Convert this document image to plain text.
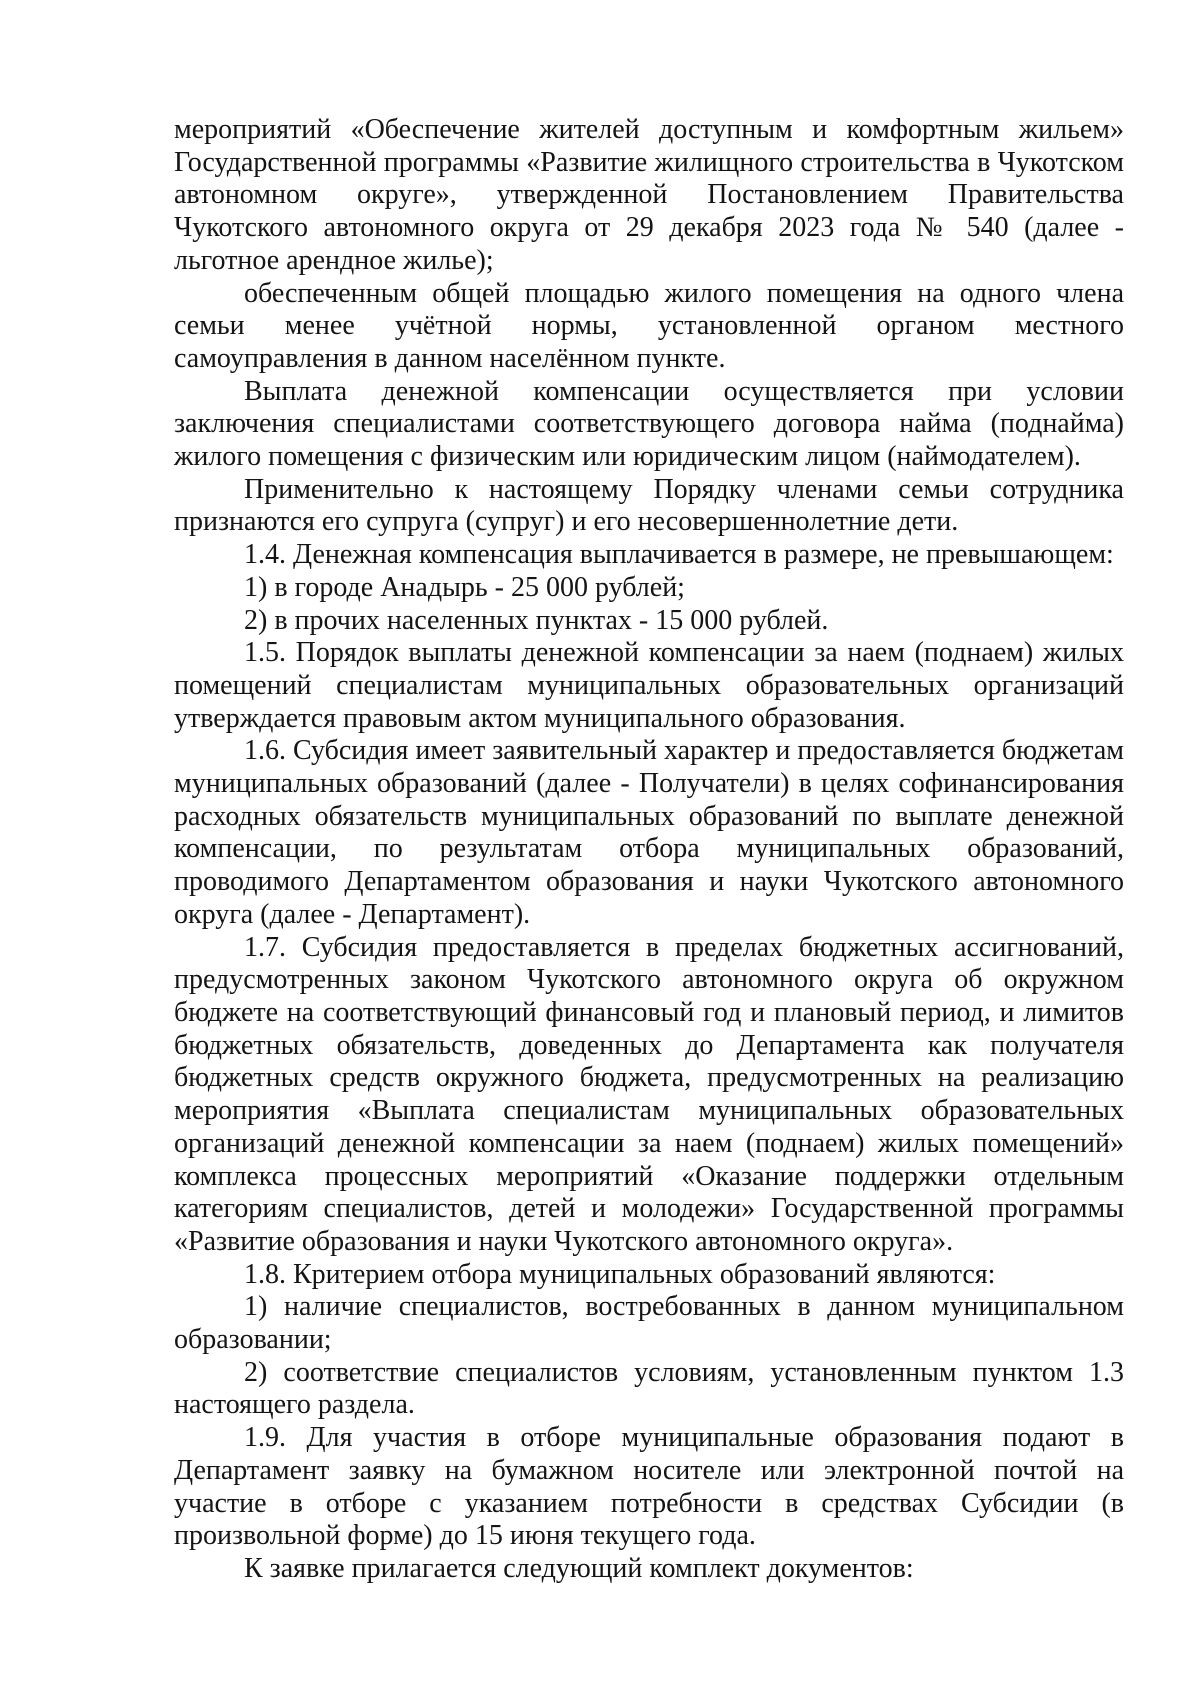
мероприятий «Обеспечение жителей доступным и комфортным жильем» Государственной программы «Развитие жилищного строительства в Чукотском автономном округе», утвержденной Постановлением Правительства Чукотского автономного округа от 29 декабря 2023 года № 540 (далее - льготное арендное жилье);

обеспеченным общей площадью жилого помещения на одного члена семьи менее учётной нормы, установленной органом местного самоуправления в данном населённом пункте.

Выплата денежной компенсации осуществляется при условии заключения специалистами соответствующего договора найма (поднайма) жилого помещения с физическим или юридическим лицом (наймодателем).

Применительно к настоящему Порядку членами семьи сотрудника признаются его супруга (супруг) и его несовершеннолетние дети.

1.4. Денежная компенсация выплачивается в размере, не превышающем:

1) в городе Анадырь - 25 000 рублей;

2) в прочих населенных пунктах - 15 000 рублей.

1.5. Порядок выплаты денежной компенсации за наем (поднаем) жилых помещений специалистам муниципальных образовательных организаций утверждается правовым актом муниципального образования.

1.6. Субсидия имеет заявительный характер и предоставляется бюджетам муниципальных образований (далее - Получатели) в целях софинансирования расходных обязательств муниципальных образований по выплате денежной компенсации, по результатам отбора муниципальных образований, проводимого Департаментом образования и науки Чукотского автономного округа (далее - Департамент).

1.7. Субсидия предоставляется в пределах бюджетных ассигнований, предусмотренных законом Чукотского автономного округа об окружном бюджете на соответствующий финансовый год и плановый период, и лимитов бюджетных обязательств, доведенных до Департамента как получателя бюджетных средств окружного бюджета, предусмотренных на реализацию мероприятия «Выплата специалистам муниципальных образовательных организаций денежной компенсации за наем (поднаем) жилых помещений» комплекса процессных мероприятий «Оказание поддержки отдельным категориям специалистов, детей и молодежи» Государственной программы «Развитие образования и науки Чукотского автономного округа».

1.8. Критерием отбора муниципальных образований являются:

1) наличие специалистов, востребованных в данном муниципальном образовании;

2) соответствие специалистов условиям, установленным пунктом 1.3 настоящего раздела.

1.9. Для участия в отборе муниципальные образования подают в Департамент заявку на бумажном носителе или электронной почтой на участие в отборе с указанием потребности в средствах Субсидии (в произвольной форме) до 15 июня текущего года.

К заявке прилагается следующий комплект документов:
